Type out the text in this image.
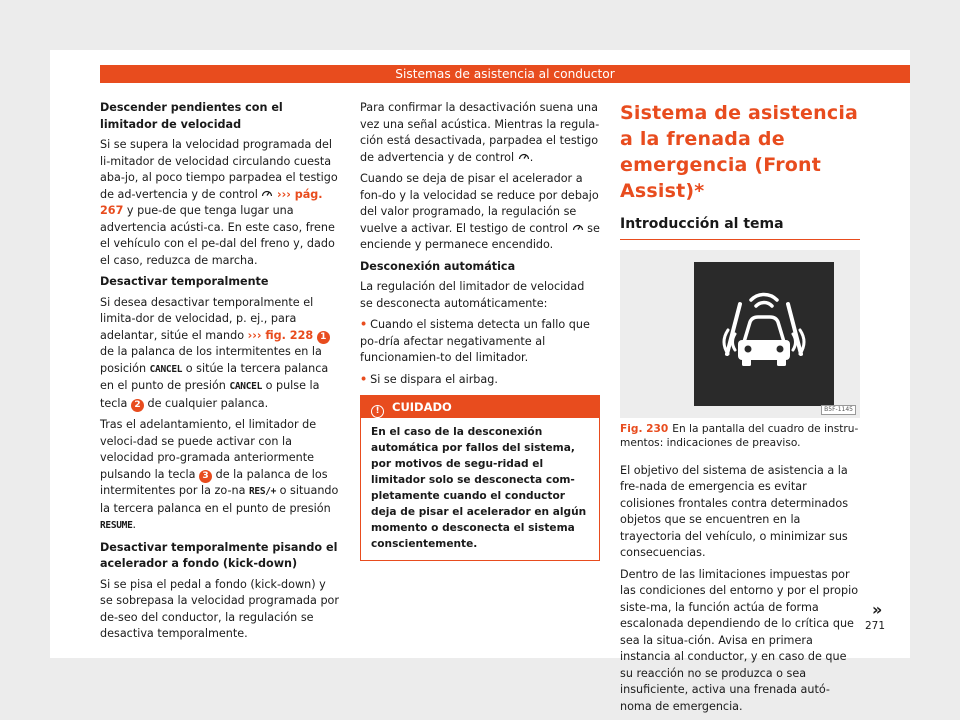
Sistemas de asistencia al conductor
Descender pendientes con el limitador de velocidad
Si se supera la velocidad programada del li-mitador de velocidad circulando cuesta aba-jo, al poco tiempo parpadea el testigo de ad-vertencia y de control ››› pág. 267 y pue-de que tenga lugar una advertencia acústi-ca. En este caso, frene el vehículo con el pe-dal del freno y, dado el caso, reduzca de marcha.
Desactivar temporalmente
Si desea desactivar temporalmente el limita-dor de velocidad, p. ej., para adelantar, sitúe el mando ››› fig. 228 1 de la palanca de los intermitentes en la posición CANCEL o sitúe la tercera palanca en el punto de presión CANCEL o pulse la tecla 2 de cualquier palanca.
Tras el adelantamiento, el limitador de veloci-dad se puede activar con la velocidad pro-gramada anteriormente pulsando la tecla 3 de la palanca de los intermitentes por la zo-na RES/+ o situando la tercera palanca en el punto de presión RESUME.
Desactivar temporalmente pisando el acelerador a fondo (kick-down)
Si se pisa el pedal a fondo (kick-down) y se sobrepasa la velocidad programada por de-seo del conductor, la regulación se desactiva temporalmente.
Para confirmar la desactivación suena una vez una señal acústica. Mientras la regula-ción está desactivada, parpadea el testigo de advertencia y de control .
Cuando se deja de pisar el acelerador a fon-do y la velocidad se reduce por debajo del valor programado, la regulación se vuelve a activar. El testigo de control se enciende y permanece encendido.
Desconexión automática
La regulación del limitador de velocidad se desconecta automáticamente:
• Cuando el sistema detecta un fallo que po-dría afectar negativamente al funcionamien-to del limitador.
• Si se dispara el airbag.
! CUIDADO
En el caso de la desconexión automática por fallos del sistema, por motivos de segu-ridad el limitador solo se desconecta com-pletamente cuando el conductor deja de pisar el acelerador en algún momento o desconecta el sistema conscientemente.
Sistema de asistencia a la frenada de emergencia (Front Assist)*
Introducción al tema
B5F-1145
Fig. 230 En la pantalla del cuadro de instru-mentos: indicaciones de preaviso.
El objetivo del sistema de asistencia a la fre-nada de emergencia es evitar colisiones frontales contra determinados objetos que se encuentren en la trayectoria del vehículo, o minimizar sus consecuencias.
Dentro de las limitaciones impuestas por las condiciones del entorno y por el propio siste-ma, la función actúa de forma escalonada dependiendo de lo crítica que sea la situa-ción. Avisa en primera instancia al conductor, y en caso de que su reacción no se produzca o sea insuficiente, activa una frenada autó-noma de emergencia.
»
271
